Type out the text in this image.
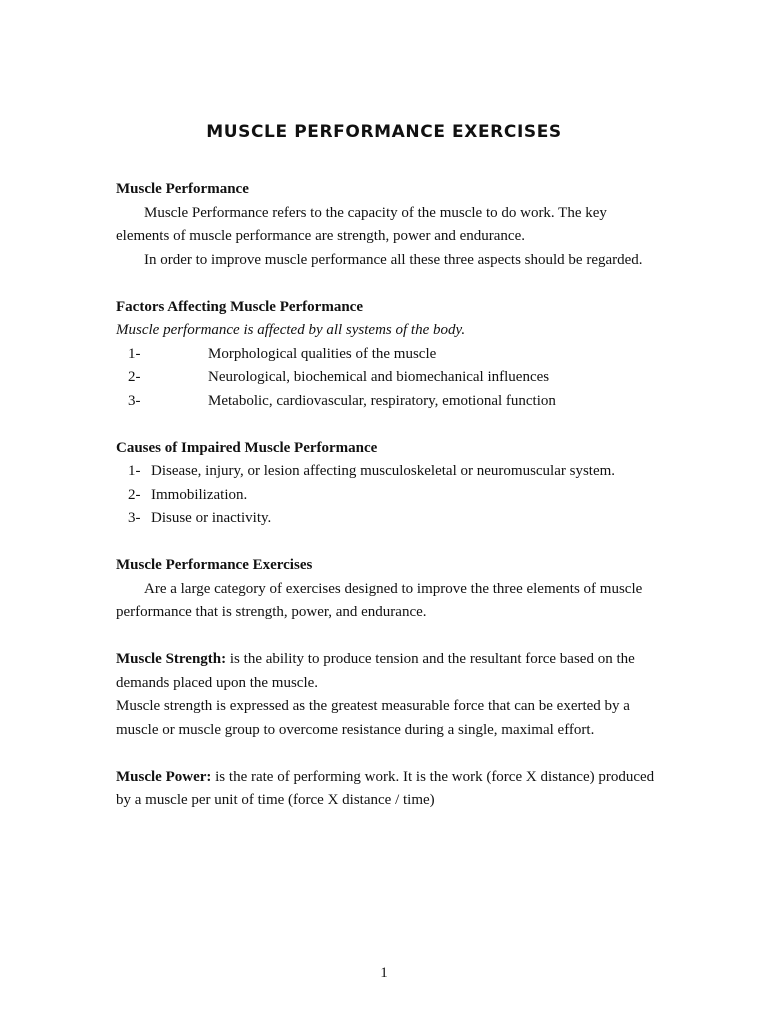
MUSCLE PERFORMANCE EXERCISES

Muscle Performance

Muscle Performance refers to the capacity of the muscle to do work. The key elements of muscle performance are strength, power and endurance.

In order to improve muscle performance all these three aspects should be regarded.

Factors Affecting Muscle Performance

Muscle performance is affected by all systems of the body.

1-	Morphological qualities of the muscle
2-	Neurological, biochemical and biomechanical influences
3-	Metabolic, cardiovascular, respiratory, emotional function

Causes of Impaired Muscle Performance

1- Disease, injury, or lesion affecting musculoskeletal or neuromuscular system.
2- Immobilization.
3- Disuse or inactivity.

Muscle Performance Exercises

Are a large category of exercises designed to improve the three elements of muscle performance that is strength, power, and endurance.

Muscle Strength: is the ability to produce tension and the resultant force based on the demands placed upon the muscle.

Muscle strength is expressed as the greatest measurable force that can be exerted by a muscle or muscle group to overcome resistance during a single, maximal effort.

Muscle Power: is the rate of performing work. It is the work (force X distance) produced by a muscle per unit of time (force X distance / time)

1
